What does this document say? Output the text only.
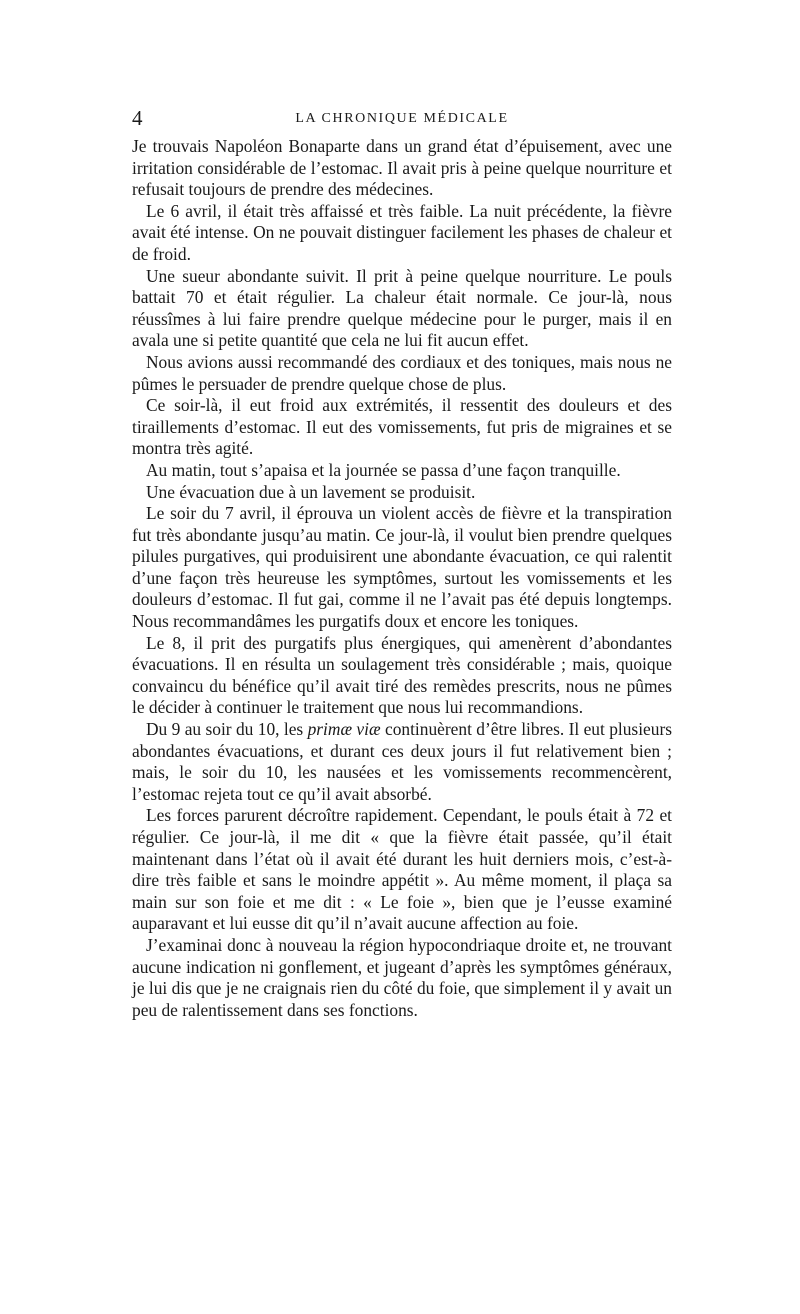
4	LA CHRONIQUE MÉDICALE

Je trouvais Napoléon Bonaparte dans un grand état d’épuisement, avec une irritation considérable de l’estomac. Il avait pris à peine quelque nourriture et refusait toujours de prendre des médecines.

Le 6 avril, il était très affaissé et très faible. La nuit précédente, la fièvre avait été intense. On ne pouvait distinguer facilement les phases de chaleur et de froid.

Une sueur abondante suivit. Il prit à peine quelque nourriture. Le pouls battait 70 et était régulier. La chaleur était normale. Ce jour-là, nous réussîmes à lui faire prendre quelque médecine pour le purger, mais il en avala une si petite quantité que cela ne lui fit aucun effet.

Nous avions aussi recommandé des cordiaux et des toniques, mais nous ne pûmes le persuader de prendre quelque chose de plus.

Ce soir-là, il eut froid aux extrémités, il ressentit des douleurs et des tiraillements d’estomac. Il eut des vomissements, fut pris de migraines et se montra très agité.

Au matin, tout s’apaisa et la journée se passa d’une façon tranquille.

Une évacuation due à un lavement se produisit.

Le soir du 7 avril, il éprouva un violent accès de fièvre et la transpiration fut très abondante jusqu’au matin. Ce jour-là, il voulut bien prendre quelques pilules purgatives, qui produisirent une abondante évacuation, ce qui ralentit d’une façon très heureuse les symptômes, surtout les vomissements et les douleurs d’estomac. Il fut gai, comme il ne l’avait pas été depuis longtemps. Nous recommandâmes les purgatifs doux et encore les toniques.

Le 8, il prit des purgatifs plus énergiques, qui amenèrent d’abondantes évacuations. Il en résulta un soulagement très considérable ; mais, quoique convaincu du bénéfice qu’il avait tiré des remèdes prescrits, nous ne pûmes le décider à continuer le traitement que nous lui recommandions.

Du 9 au soir du 10, les primæ viæ continuèrent d’être libres. Il eut plusieurs abondantes évacuations, et durant ces deux jours il fut relativement bien ; mais, le soir du 10, les nausées et les vomissements recommencèrent, l’estomac rejeta tout ce qu’il avait absorbé.

Les forces parurent décroître rapidement. Cependant, le pouls était à 72 et régulier. Ce jour-là, il me dit « que la fièvre était passée, qu’il était maintenant dans l’état où il avait été durant les huit derniers mois, c’est-à-dire très faible et sans le moindre appétit ». Au même moment, il plaça sa main sur son foie et me dit : « Le foie », bien que je l’eusse examiné auparavant et lui eusse dit qu’il n’avait aucune affection au foie.

J’examinai donc à nouveau la région hypocondriaque droite et, ne trouvant aucune indication ni gonflement, et jugeant d’après les symptômes généraux, je lui dis que je ne craignais rien du côté du foie, que simplement il y avait un peu de ralentissement dans ses fonctions.
